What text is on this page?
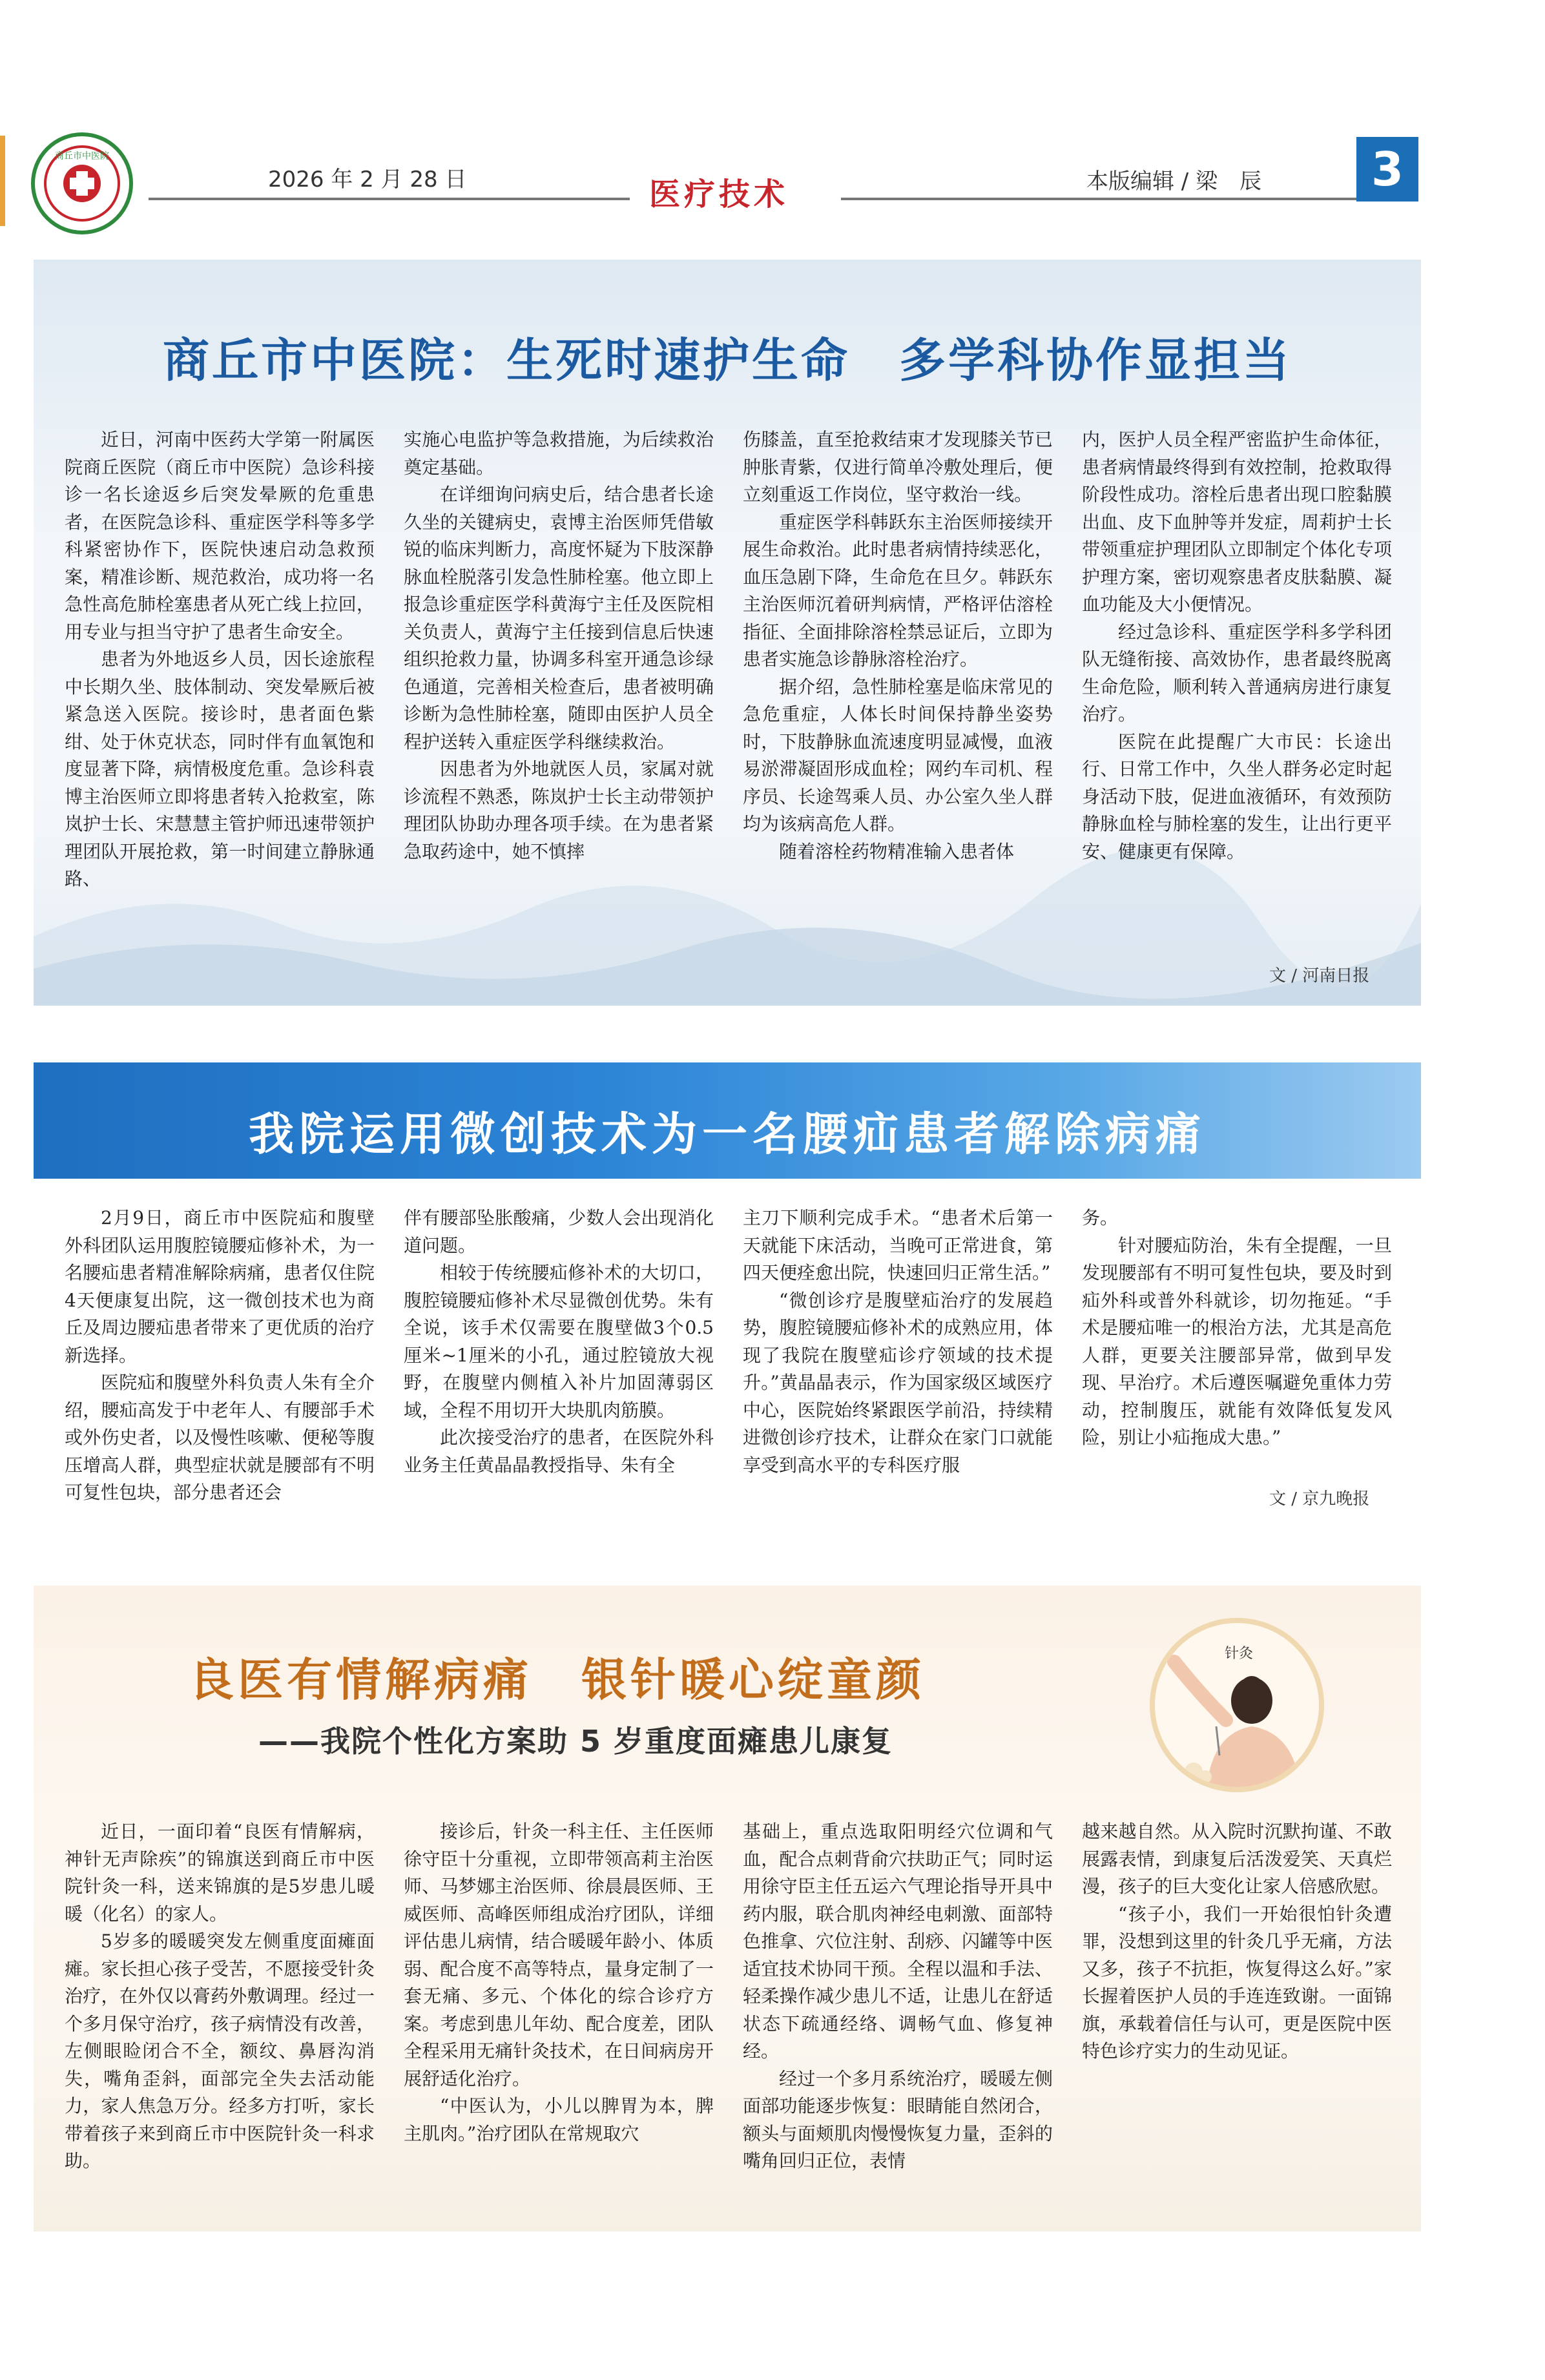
商丘市中医院
2026 年 2 月 28 日	医疗技术	本版编辑 / 梁　辰	3
商丘市中医院：生死时速护生命　多学科协作显担当

近日，河南中医药大学第一附属医院商丘医院（商丘市中医院）急诊科接诊一名长途返乡后突发晕厥的危重患者，在医院急诊科、重症医学科等多学科紧密协作下，医院快速启动急救预案，精准诊断、规范救治，成功将一名急性高危肺栓塞患者从死亡线上拉回，用专业与担当守护了患者生命安全。

患者为外地返乡人员，因长途旅程中长期久坐、肢体制动、突发晕厥后被紧急送入医院。接诊时，患者面色紫绀、处于休克状态，同时伴有血氧饱和度显著下降，病情极度危重。急诊科袁博主治医师立即将患者转入抢救室，陈岚护士长、宋慧慧主管护师迅速带领护理团队开展抢救，第一时间建立静脉通路、

实施心电监护等急救措施，为后续救治奠定基础。

在详细询问病史后，结合患者长途久坐的关键病史，袁博主治医师凭借敏锐的临床判断力，高度怀疑为下肢深静脉血栓脱落引发急性肺栓塞。他立即上报急诊重症医学科黄海宁主任及医院相关负责人，黄海宁主任接到信息后快速组织抢救力量，协调多科室开通急诊绿色通道，完善相关检查后，患者被明确诊断为急性肺栓塞，随即由医护人员全程护送转入重症医学科继续救治。

因患者为外地就医人员，家属对就诊流程不熟悉，陈岚护士长主动带领护理团队协助办理各项手续。在为患者紧急取药途中，她不慎摔

伤膝盖，直至抢救结束才发现膝关节已肿胀青紫，仅进行简单冷敷处理后，便立刻重返工作岗位，坚守救治一线。

重症医学科韩跃东主治医师接续开展生命救治。此时患者病情持续恶化，血压急剧下降，生命危在旦夕。韩跃东主治医师沉着研判病情，严格评估溶栓指征、全面排除溶栓禁忌证后，立即为患者实施急诊静脉溶栓治疗。

据介绍，急性肺栓塞是临床常见的急危重症，人体长时间保持静坐姿势时，下肢静脉血流速度明显减慢，血液易淤滞凝固形成血栓；网约车司机、程序员、长途驾乘人员、办公室久坐人群均为该病高危人群。

随着溶栓药物精准输入患者体

内，医护人员全程严密监护生命体征，患者病情最终得到有效控制，抢救取得阶段性成功。溶栓后患者出现口腔黏膜出血、皮下血肿等并发症，周莉护士长带领重症护理团队立即制定个体化专项护理方案，密切观察患者皮肤黏膜、凝血功能及大小便情况。

经过急诊科、重症医学科多学科团队无缝衔接、高效协作，患者最终脱离生命危险，顺利转入普通病房进行康复治疗。

医院在此提醒广大市民：长途出行、日常工作中，久坐人群务必定时起身活动下肢，促进血液循环，有效预防静脉血栓与肺栓塞的发生，让出行更平安、健康更有保障。

文 / 河南日报
我院运用微创技术为一名腰疝患者解除病痛

2月9日，商丘市中医院疝和腹壁外科团队运用腹腔镜腰疝修补术，为一名腰疝患者精准解除病痛，患者仅住院4天便康复出院，这一微创技术也为商丘及周边腰疝患者带来了更优质的治疗新选择。

医院疝和腹壁外科负责人朱有全介绍，腰疝高发于中老年人、有腰部手术或外伤史者，以及慢性咳嗽、便秘等腹压增高人群，典型症状就是腰部有不明可复性包块，部分患者还会

伴有腰部坠胀酸痛，少数人会出现消化道问题。

相较于传统腰疝修补术的大切口，腹腔镜腰疝修补术尽显微创优势。朱有全说，该手术仅需要在腹壁做3个0.5厘米~1厘米的小孔，通过腔镜放大视野，在腹壁内侧植入补片加固薄弱区域，全程不用切开大块肌肉筋膜。

此次接受治疗的患者，在医院外科业务主任黄晶晶教授指导、朱有全

主刀下顺利完成手术。“患者术后第一天就能下床活动，当晚可正常进食，第四天便痊愈出院，快速回归正常生活。”

“微创诊疗是腹壁疝治疗的发展趋势，腹腔镜腰疝修补术的成熟应用，体现了我院在腹壁疝诊疗领域的技术提升。”黄晶晶表示，作为国家级区域医疗中心，医院始终紧跟医学前沿，持续精进微创诊疗技术，让群众在家门口就能享受到高水平的专科医疗服

务。

针对腰疝防治，朱有全提醒，一旦发现腰部有不明可复性包块，要及时到疝外科或普外科就诊，切勿拖延。“手术是腰疝唯一的根治方法，尤其是高危人群，更要关注腰部异常，做到早发现、早治疗。术后遵医嘱避免重体力劳动，控制腹压，就能有效降低复发风险，别让小疝拖成大患。”

文 / 京九晚报
良医有情解病痛　银针暖心绽童颜
——我院个性化方案助 5 岁重度面瘫患儿康复
针灸

近日，一面印着“良医有情解病，神针无声除疾”的锦旗送到商丘市中医院针灸一科，送来锦旗的是5岁患儿暖暖（化名）的家人。

5岁多的暖暖突发左侧重度面瘫面瘫。家长担心孩子受苦，不愿接受针灸治疗，在外仅以膏药外敷调理。经过一个多月保守治疗，孩子病情没有改善，左侧眼睑闭合不全，额纹、鼻唇沟消失，嘴角歪斜，面部完全失去活动能力，家人焦急万分。经多方打听，家长带着孩子来到商丘市中医院针灸一科求助。

接诊后，针灸一科主任、主任医师徐守臣十分重视，立即带领高莉主治医师、马梦娜主治医师、徐晨晨医师、王威医师、高峰医师组成治疗团队，详细评估患儿病情，结合暖暖年龄小、体质弱、配合度不高等特点，量身定制了一套无痛、多元、个体化的综合诊疗方案。考虑到患儿年幼、配合度差，团队全程采用无痛针灸技术，在日间病房开展舒适化治疗。

“中医认为，小儿以脾胃为本，脾主肌肉。”治疗团队在常规取穴

基础上，重点选取阳明经穴位调和气血，配合点刺背俞穴扶助正气；同时运用徐守臣主任五运六气理论指导开具中药内服，联合肌肉神经电刺激、面部特色推拿、穴位注射、刮痧、闪罐等中医适宜技术协同干预。全程以温和手法、轻柔操作减少患儿不适，让患儿在舒适状态下疏通经络、调畅气血、修复神经。

经过一个多月系统治疗，暖暖左侧面部功能逐步恢复：眼睛能自然闭合，额头与面颊肌肉慢慢恢复力量，歪斜的嘴角回归正位，表情

越来越自然。从入院时沉默拘谨、不敢展露表情，到康复后活泼爱笑、天真烂漫，孩子的巨大变化让家人倍感欣慰。

“孩子小，我们一开始很怕针灸遭罪，没想到这里的针灸几乎无痛，方法又多，孩子不抗拒，恢复得这么好。”家长握着医护人员的手连连致谢。一面锦旗，承载着信任与认可，更是医院中医特色诊疗实力的生动见证。
